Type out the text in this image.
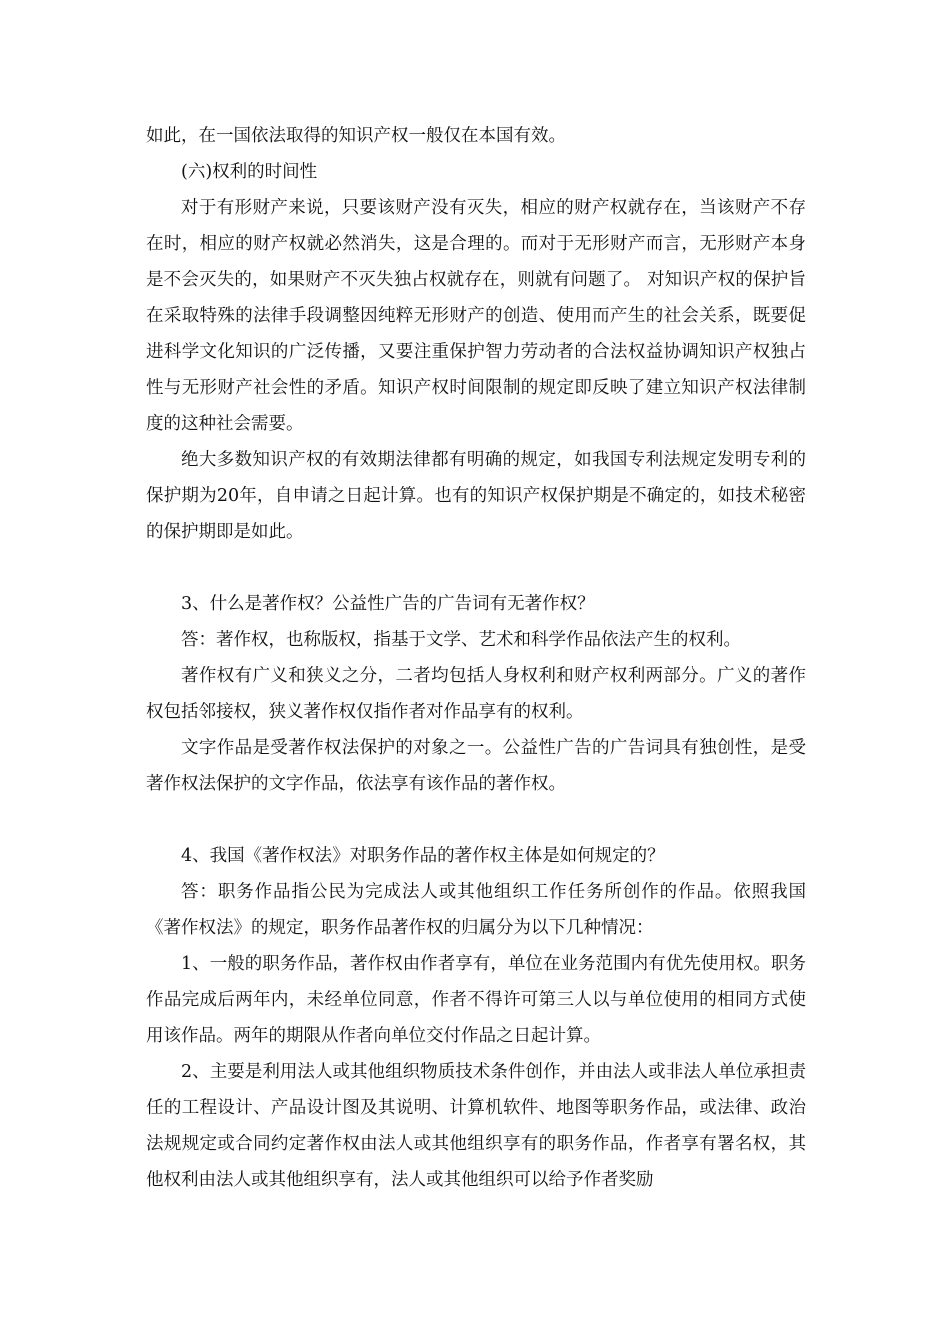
如此，在一国依法取得的知识产权一般仅在本国有效。

(六)权利的时间性

对于有形财产来说，只要该财产没有灭失，相应的财产权就存在，当该财产不存在时，相应的财产权就必然消失，这是合理的。而对于无形财产而言，无形财产本身是不会灭失的，如果财产不灭失独占权就存在，则就有问题了。 对知识产权的保护旨在采取特殊的法律手段调整因纯粹无形财产的创造、使用而产生的社会关系，既要促进科学文化知识的广泛传播，又要注重保护智力劳动者的合法权益协调知识产权独占性与无形财产社会性的矛盾。知识产权时间限制的规定即反映了建立知识产权法律制度的这种社会需要。

绝大多数知识产权的有效期法律都有明确的规定，如我国专利法规定发明专利的保护期为20年，自申请之日起计算。也有的知识产权保护期是不确定的，如技术秘密的保护期即是如此。

3、什么是著作权？公益性广告的广告词有无著作权？

答：著作权，也称版权，指基于文学、艺术和科学作品依法产生的权利。

著作权有广义和狭义之分，二者均包括人身权利和财产权利两部分。广义的著作权包括邻接权，狭义著作权仅指作者对作品享有的权利。

文字作品是受著作权法保护的对象之一。公益性广告的广告词具有独创性，是受著作权法保护的文字作品，依法享有该作品的著作权。

4、我国《著作权法》对职务作品的著作权主体是如何规定的？

答：职务作品指公民为完成法人或其他组织工作任务所创作的作品。依照我国《著作权法》的规定，职务作品著作权的归属分为以下几种情况：

1、一般的职务作品，著作权由作者享有，单位在业务范围内有优先使用权。职务作品完成后两年内，未经单位同意，作者不得许可第三人以与单位使用的相同方式使用该作品。两年的期限从作者向单位交付作品之日起计算。

2、主要是利用法人或其他组织物质技术条件创作，并由法人或非法人单位承担责任的工程设计、产品设计图及其说明、计算机软件、地图等职务作品，或法律、政治法规规定或合同约定著作权由法人或其他组织享有的职务作品，作者享有署名权，其他权利由法人或其他组织享有，法人或其他组织可以给予作者奖励
